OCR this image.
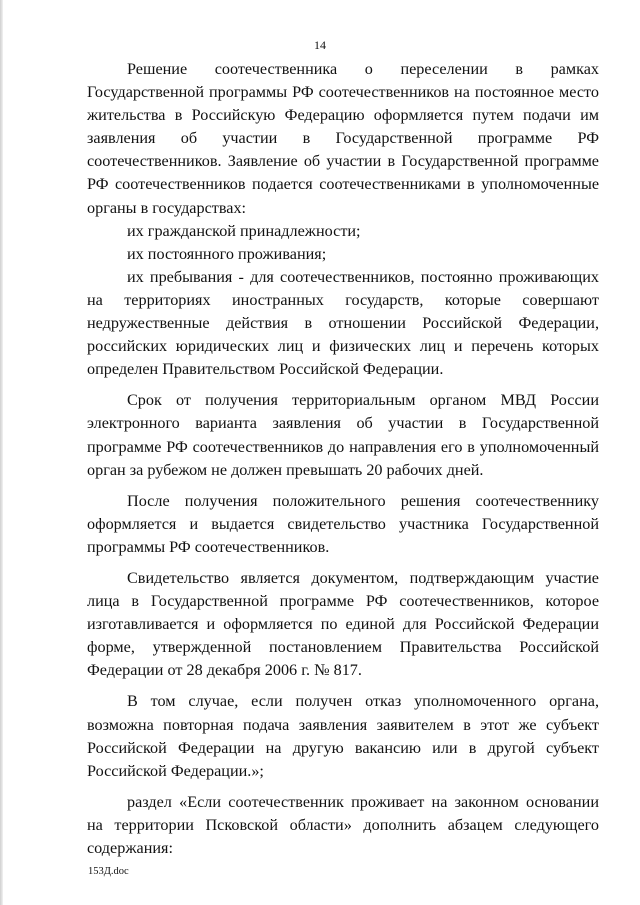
14

Решение соотечественника о переселении в рамках Государственной программы РФ соотечественников на постоянное место жительства в Российскую Федерацию оформляется путем подачи им заявления об участии в Государственной программе РФ соотечественников. Заявление об участии в Государственной программе РФ соотечественников подается соотечественниками в уполномоченные органы в государствах:

их гражданской принадлежности;

их постоянного проживания;

их пребывания - для соотечественников, постоянно проживающих на территориях иностранных государств, которые совершают недружественные действия в отношении Российской Федерации, российских юридических лиц и физических лиц и перечень которых определен Правительством Российской Федерации.

Срок от получения территориальным органом МВД России электронного варианта заявления об участии в Государственной программе РФ соотечественников до направления его в уполномоченный орган за рубежом не должен превышать 20 рабочих дней.

После получения положительного решения соотечественнику оформляется и выдается свидетельство участника Государственной программы РФ соотечественников.

Свидетельство является документом, подтверждающим участие лица в Государственной программе РФ соотечественников, которое изготавливается и оформляется по единой для Российской Федерации форме, утвержденной постановлением Правительства Российской Федерации от 28 декабря 2006 г. № 817.

В том случае, если получен отказ уполномоченного органа, возможна повторная подача заявления заявителем в этот же субъект Российской Федерации на другую вакансию или в другой субъект Российской Федерации.»;

раздел «Если соотечественник проживает на законном основании на территории Псковской области» дополнить абзацем следующего содержания:

153Д.doc
